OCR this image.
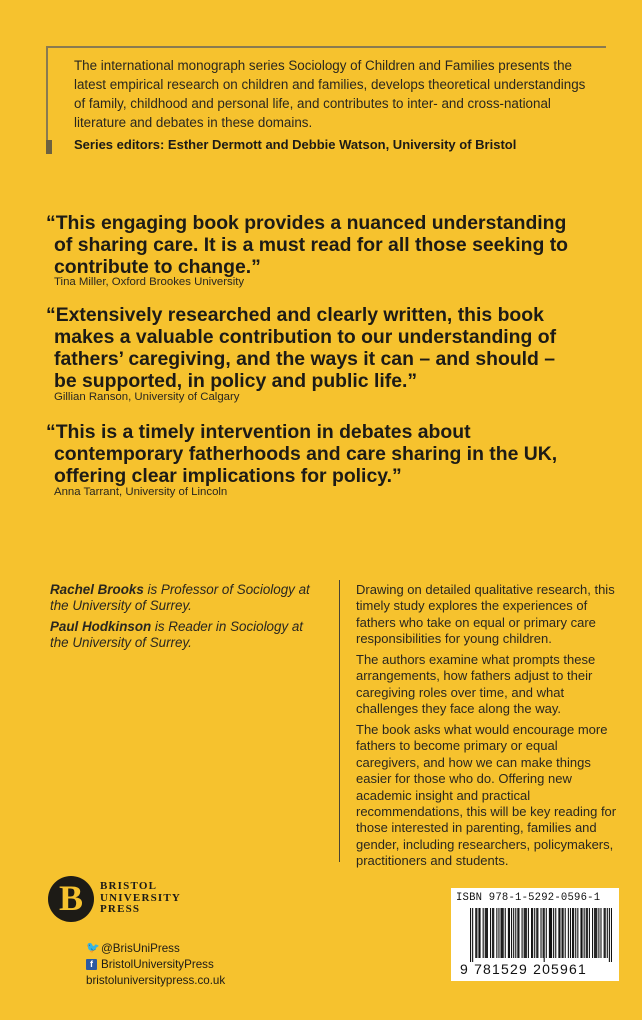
The international monograph series Sociology of Children and Families presents the latest empirical research on children and families, develops theoretical understandings of family, childhood and personal life, and contributes to inter- and cross-national literature and debates in these domains.

Series editors: Esther Dermott and Debbie Watson, University of Bristol

“This engaging book provides a nuanced understanding
of sharing care. It is a must read for all those seeking to
contribute to change.”
Tina Miller, Oxford Brookes University
“Extensively researched and clearly written, this book
makes a valuable contribution to our understanding of
fathers’ caregiving, and the ways it can – and should –
be supported, in policy and public life.”
Gillian Ranson, University of Calgary
“This is a timely intervention in debates about
contemporary fatherhoods and care sharing in the UK,
offering clear implications for policy.”
Anna Tarrant, University of Lincoln

Rachel Brooks is Professor of Sociology at the University of Surrey.

Paul Hodkinson is Reader in Sociology at the University of Surrey.

Drawing on detailed qualitative research, this timely study explores the experiences of fathers who take on equal or primary care responsibilities for young children.

The authors examine what prompts these arrangements, how fathers adjust to their caregiving roles over time, and what challenges they face along the way.

The book asks what would encourage more fathers to become primary or equal caregivers, and how we can make things easier for those who do. Offering new academic insight and practical recommendations, this will be key reading for those interested in parenting, families and gender, including researchers, policymakers, practitioners and students.

B	BRISTOL
UNIVERSITY
PRESS
🐦 @BrisUniPress
f BristolUniversityPress
bristoluniversitypress.co.uk
ISBN 978-1-5292-0596-1
9 781529 205961
